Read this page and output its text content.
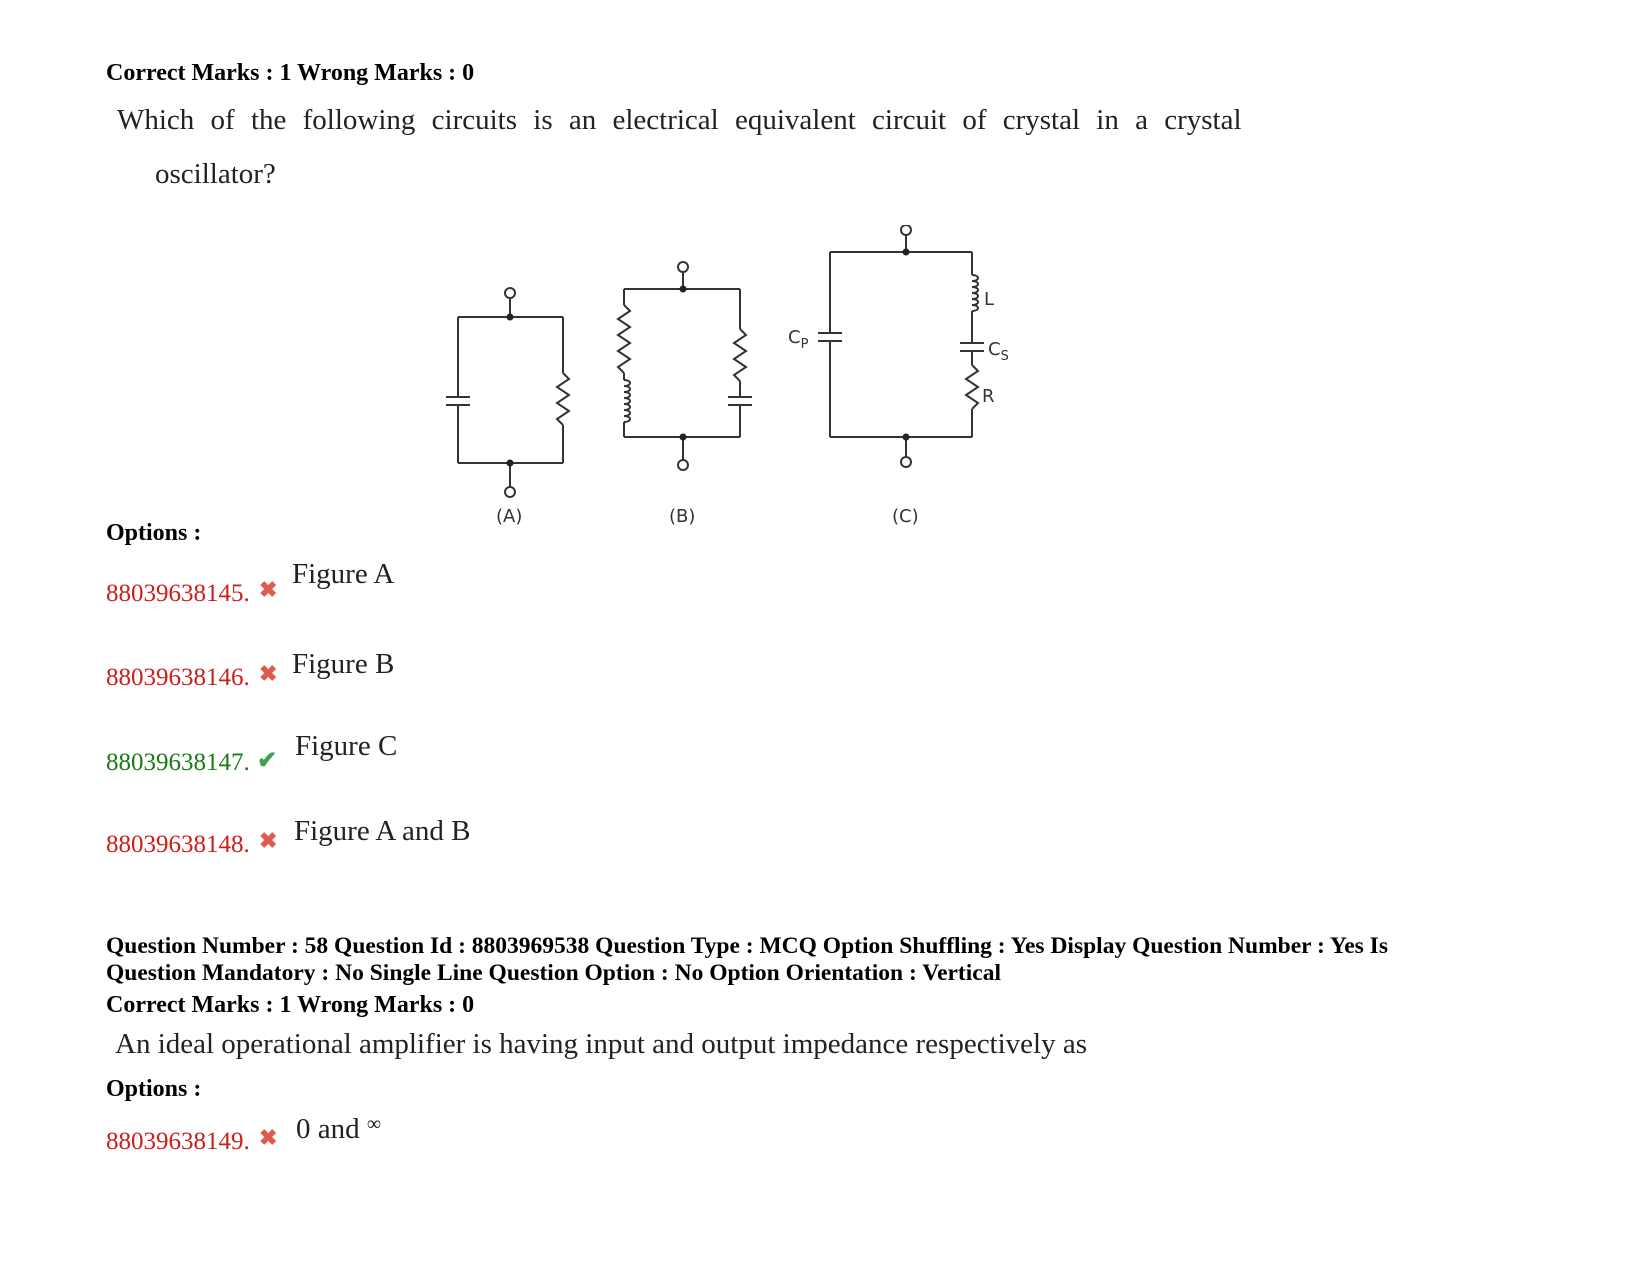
Correct Marks : 1 Wrong Marks : 0
Which of the following circuits is an electrical equivalent circuit of crystal in a crystal
oscillator?
(A)	(B)	(C)
$C_P$	$C_S$
L
R
Options :
88039638145. ✖ Figure A
88039638146. ✖ Figure B
88039638147. ✔ Figure C
88039638148. ✖ Figure A and B
Question Number : 58 Question Id : 8803969538 Question Type : MCQ Option Shuffling : Yes Display Question Number : Yes Is
Question Mandatory : No Single Line Question Option : No Option Orientation : Vertical
Correct Marks : 1 Wrong Marks : 0
An ideal operational amplifier is having input and output impedance respectively as
Options :
88039638149. ✖ 0 and ∞
